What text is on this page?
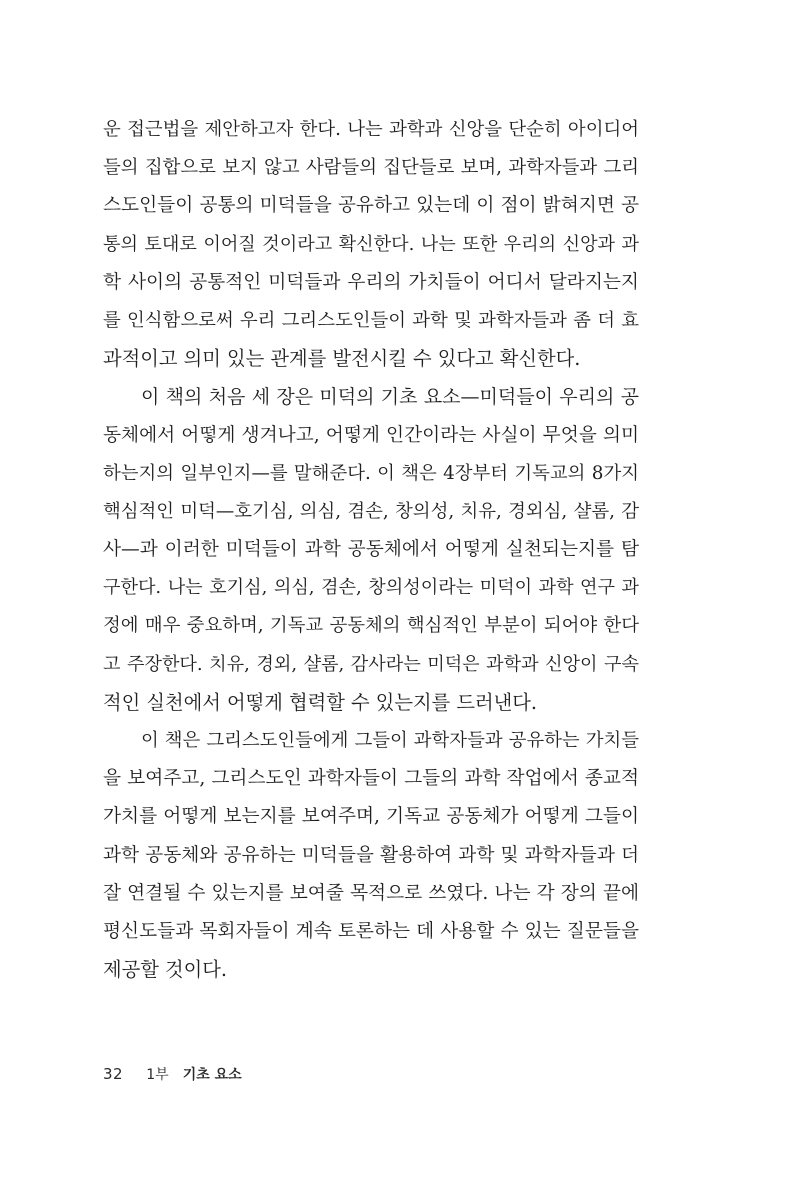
운 접근법을 제안하고자 한다. 나는 과학과 신앙을 단순히 아이디어
들의 집합으로 보지 않고 사람들의 집단들로 보며, 과학자들과 그리
스도인들이 공통의 미덕들을 공유하고 있는데 이 점이 밝혀지면 공
통의 토대로 이어질 것이라고 확신한다. 나는 또한 우리의 신앙과 과
학 사이의 공통적인 미덕들과 우리의 가치들이 어디서 달라지는지
를 인식함으로써 우리 그리스도인들이 과학 및 과학자들과 좀 더 효
과적이고 의미 있는 관계를 발전시킬 수 있다고 확신한다.
이 책의 처음 세 장은 미덕의 기초 요소—미덕들이 우리의 공
동체에서 어떻게 생겨나고, 어떻게 인간이라는 사실이 무엇을 의미
하는지의 일부인지—를 말해준다. 이 책은 4장부터 기독교의 8가지
핵심적인 미덕—호기심, 의심, 겸손, 창의성, 치유, 경외심, 샬롬, 감
사—과 이러한 미덕들이 과학 공동체에서 어떻게 실천되는지를 탐
구한다. 나는 호기심, 의심, 겸손, 창의성이라는 미덕이 과학 연구 과
정에 매우 중요하며, 기독교 공동체의 핵심적인 부분이 되어야 한다
고 주장한다. 치유, 경외, 샬롬, 감사라는 미덕은 과학과 신앙이 구속
적인 실천에서 어떻게 협력할 수 있는지를 드러낸다.
이 책은 그리스도인들에게 그들이 과학자들과 공유하는 가치들
을 보여주고, 그리스도인 과학자들이 그들의 과학 작업에서 종교적
가치를 어떻게 보는지를 보여주며, 기독교 공동체가 어떻게 그들이
과학 공동체와 공유하는 미덕들을 활용하여 과학 및 과학자들과 더
잘 연결될 수 있는지를 보여줄 목적으로 쓰였다. 나는 각 장의 끝에
평신도들과 목회자들이 계속 토론하는 데 사용할 수 있는 질문들을
제공할 것이다.
32 1부 기초 요소
